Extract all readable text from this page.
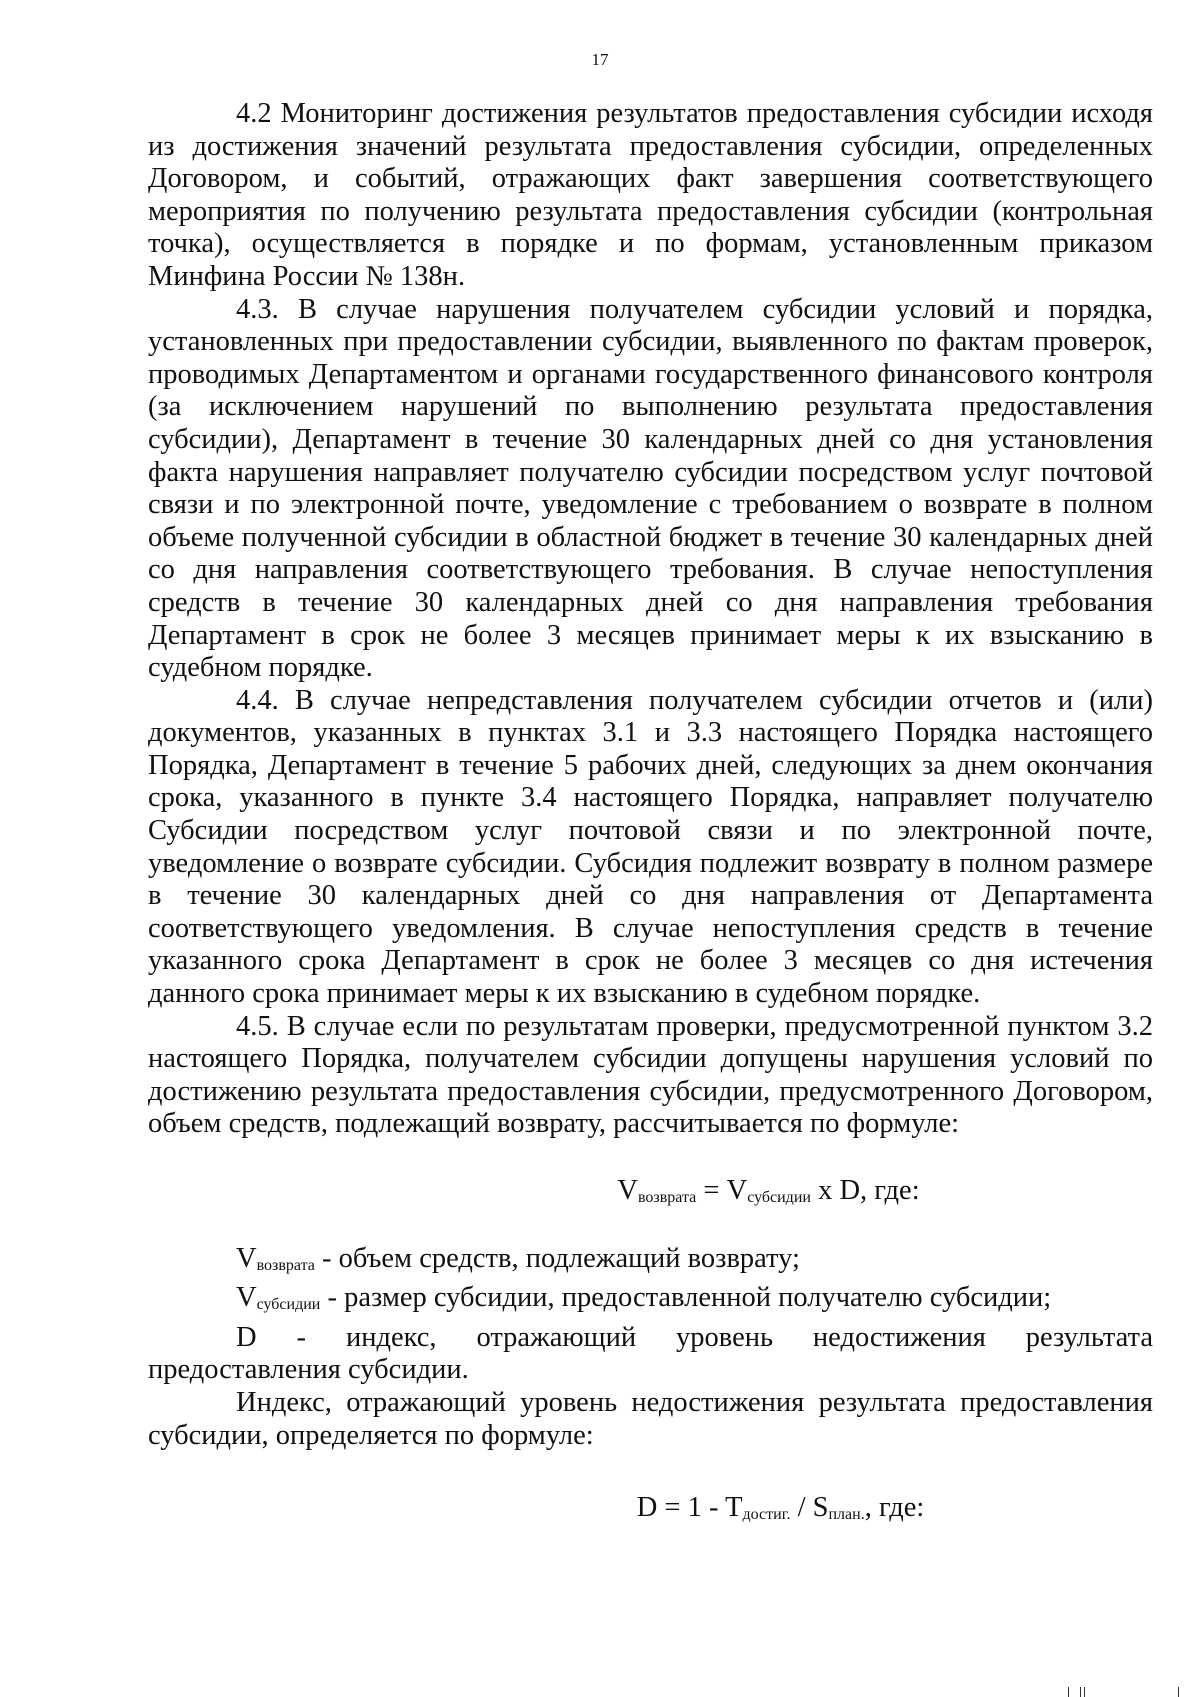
17

4.2 Мониторинг достижения результатов предоставления субсидии исходя из достижения значений результата предоставления субсидии, определенных Договором, и событий, отражающих факт завершения соответствующего мероприятия по получению результата предоставления субсидии (контрольная точка), осуществляется в порядке и по формам, установленным приказом Минфина России № 138н.

4.3. В случае нарушения получателем субсидии условий и порядка, установленных при предоставлении субсидии, выявленного по фактам проверок, проводимых Департаментом и органами государственного финансового контроля (за исключением нарушений по выполнению результата предоставления субсидии), Департамент в течение 30 календарных дней со дня установления факта нарушения направляет получателю субсидии посредством услуг почтовой связи и по электронной почте, уведомление с требованием о возврате в полном объеме полученной субсидии в областной бюджет в течение 30 календарных дней со дня направления соответствующего требования. В случае непоступления средств в течение 30 календарных дней со дня направления требования Департамент в срок не более 3 месяцев принимает меры к их взысканию в судебном порядке.

4.4. В случае непредставления получателем субсидии отчетов и (или) документов, указанных в пунктах 3.1 и 3.3 настоящего Порядка настоящего Порядка, Департамент в течение 5 рабочих дней, следующих за днем окончания срока, указанного в пункте 3.4 настоящего Порядка, направляет получателю Субсидии посредством услуг почтовой связи и по электронной почте, уведомление о возврате субсидии. Субсидия подлежит возврату в полном размере в течение 30 календарных дней со дня направления от Департамента соответствующего уведомления. В случае непоступления средств в течение указанного срока Департамент в срок не более 3 месяцев со дня истечения данного срока принимает меры к их взысканию в судебном порядке.

4.5. В случае если по результатам проверки, предусмотренной пунктом 3.2 настоящего Порядка, получателем субсидии допущены нарушения условий по достижению результата предоставления субсидии, предусмотренного Договором, объем средств, подлежащий возврату, рассчитывается по формуле:

Vвозврата = Vсубсидии x D, где:

Vвозврата - объем средств, подлежащий возврату;

Vсубсидии - размер субсидии, предоставленной получателю субсидии;

D - индекс, отражающий уровень недостижения результата предоставления субсидии.

Индекс, отражающий уровень недостижения результата предоставления субсидии, определяется по формуле:

D = 1 - Tдостиг. / Sплан., где:
